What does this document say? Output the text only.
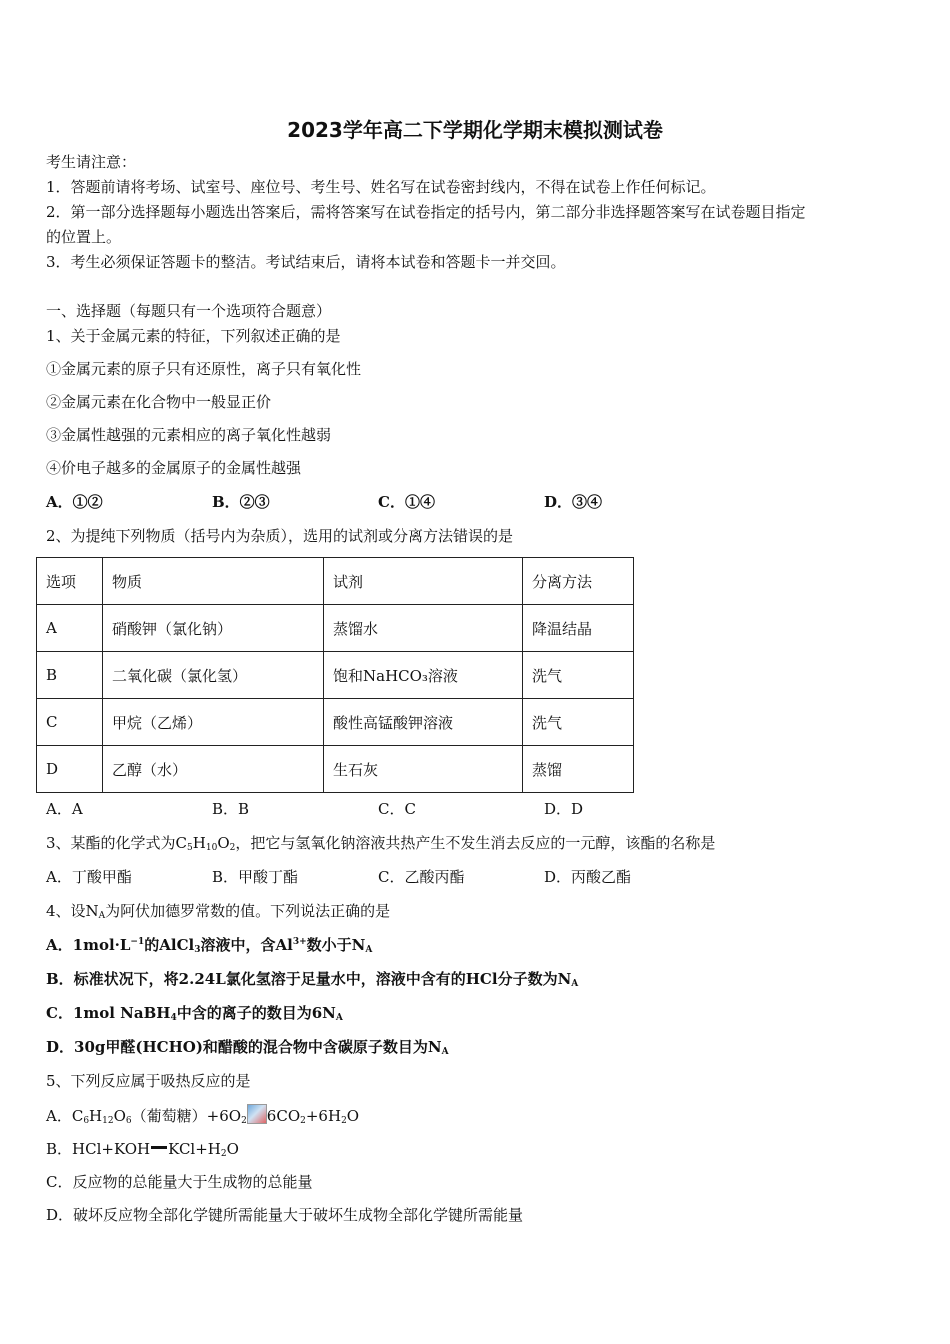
2023学年高二下学期化学期末模拟测试卷
考生请注意：
1．答题前请将考场、试室号、座位号、考生号、姓名写在试卷密封线内，不得在试卷上作任何标记。
2．第一部分选择题每小题选出答案后，需将答案写在试卷指定的括号内，第二部分非选择题答案写在试卷题目指定
的位置上。
3．考生必须保证答题卡的整洁。考试结束后，请将本试卷和答题卡一并交回。
一、选择题（每题只有一个选项符合题意）
1、关于金属元素的特征，下列叙述正确的是
①金属元素的原子只有还原性，离子只有氧化性
②金属元素在化合物中一般显正价
③金属性越强的元素相应的离子氧化性越弱
④价电子越多的金属原子的金属性越强
A．①②	B．②③	C．①④	D．③④
2、为提纯下列物质（括号内为杂质），选用的试剂或分离方法错误的是
选项	物质	试剂	分离方法
A	硝酸钾（氯化钠）	蒸馏水	降温结晶
B	二氧化碳（氯化氢）	饱和NaHCO₃溶液	洗气
C	甲烷（乙烯）	酸性高锰酸钾溶液	洗气
D	乙醇（水）	生石灰	蒸馏
A．A	B．B	C．C	D．D
3、某酯的化学式为$C_5H_{10}O_2$，把它与氢氧化钠溶液共热产生不发生消去反应的一元醇，该酯的名称是
A．丁酸甲酯	B．甲酸丁酯	C．乙酸丙酯	D．丙酸乙酯
4、设$N_A$为阿伏加德罗常数的值。下列说法正确的是
A．$1mol\cdot L^{-1}$的AlCl$_3$溶液中，含$Al^{3+}$数小于$N_A$
B．标准状况下，将2.24L氯化氢溶于足量水中，溶液中含有的HCl分子数为$N_A$
C．1mol NaBH$_4$中含的离子的数目为$6N_A$
D．30g甲醛(HCHO)和醋酸的混合物中含碳原子数目为$N_A$
5、下列反应属于吸热反应的是
A．$C_6H_{12}O_6$（葡萄糖）$+6O_2$ $6CO_2+6H_2O$
B．HCl+KOH $KCl+H_2O$
C．反应物的总能量大于生成物的总能量
D．破坏反应物全部化学键所需能量大于破坏生成物全部化学键所需能量
